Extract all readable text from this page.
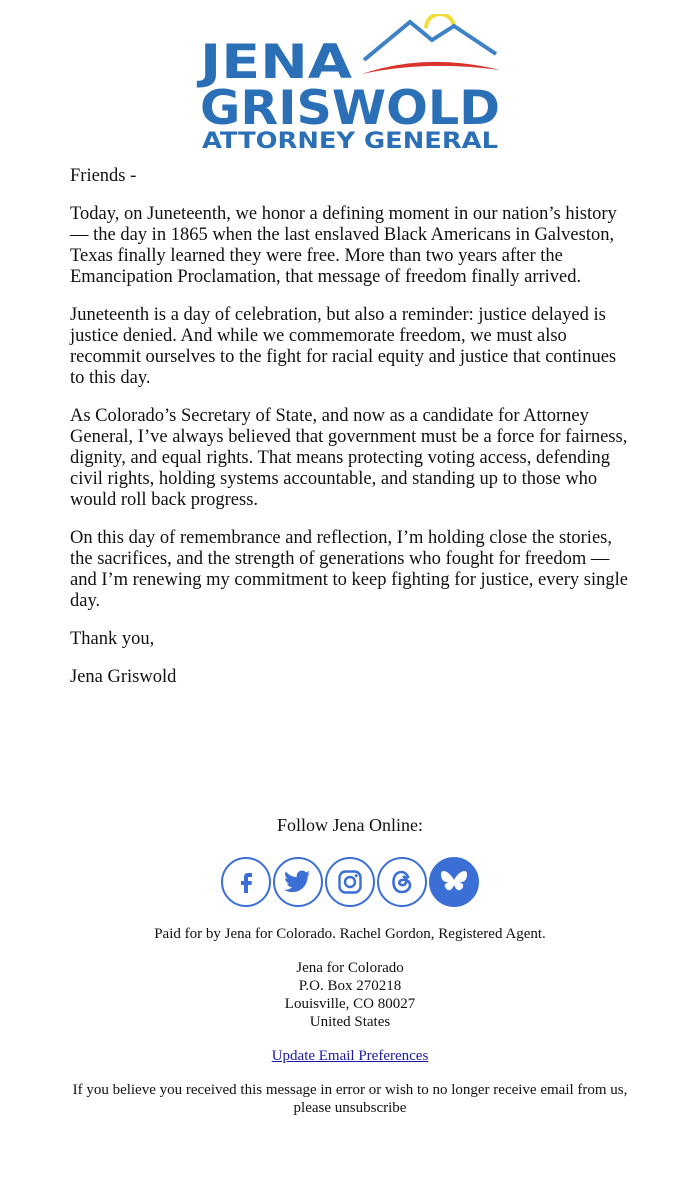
JENA
GRISWOLD
ATTORNEY GENERAL

Friends -

Today, on Juneteenth, we honor a defining moment in our nation’s history — the day in 1865 when the last enslaved Black Americans in Galveston, Texas finally learned they were free. More than two years after the Emancipation Proclamation, that message of freedom finally arrived.

Juneteenth is a day of celebration, but also a reminder: justice delayed is justice denied. And while we commemorate freedom, we must also recommit ourselves to the fight for racial equity and justice that continues to this day.

As Colorado’s Secretary of State, and now as a candidate for Attorney General, I’ve always believed that government must be a force for fairness, dignity, and equal rights. That means protecting voting access, defending civil rights, holding systems accountable, and standing up to those who would roll back progress.

On this day of remembrance and reflection, I’m holding close the stories, the sacrifices, and the strength of generations who fought for freedom — and I’m renewing my commitment to keep fighting for justice, every single day.

Thank you,

Jena Griswold

Follow Jena Online:

Paid for by Jena for Colorado. Rachel Gordon, Registered Agent.
Jena for Colorado
P.O. Box 270218
Louisville, CO 80027
United States
Update Email Preferences
If you believe you received this message in error or wish to no longer receive email from us, please unsubscribe
